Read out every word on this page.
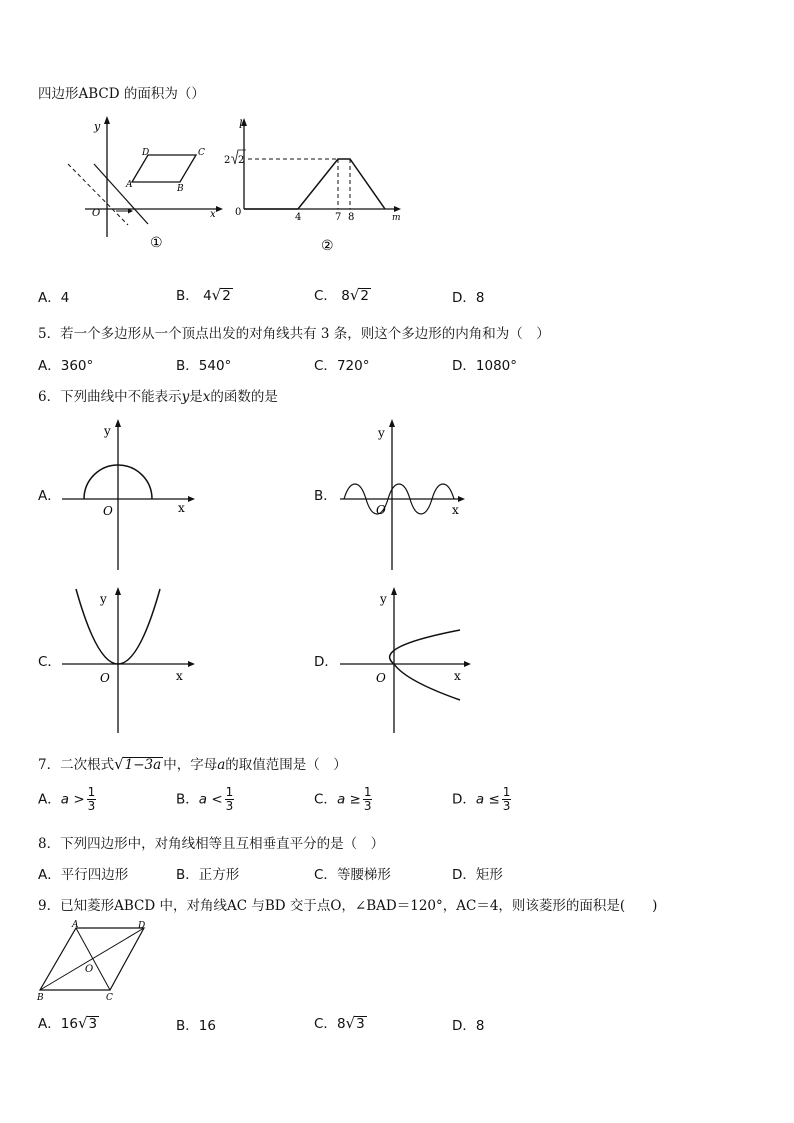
四边形ABCD 的面积为（）
y
x
O
D	C
A	B
①
l
m
0
2 2
4	7 8
②
A．4	B． 4√2	C． 8√2	D．8
5．若一个多边形从一个顶点出发的对角线共有 3 条，则这个多边形的内角和为（　）
A．360°	B．540°	C．720°	D．1080°
6．下列曲线中不能表示y是x的函数的是
A．
y
x
O
B．
y
x
O
C．
y
x
O
D．
y
x
O
7．二次根式√1−3a 中，字母a的取值范围是（　）
A．$a > \frac{1}{3}$	B．$a < \frac{1}{3}$	C．$a \ge \frac{1}{3}$	D．$a \le \frac{1}{3}$
8．下列四边形中，对角线相等且互相垂直平分的是（　）
A．平行四边形	B．正方形	C．等腰梯形	D．矩形
9．已知菱形ABCD 中，对角线AC 与BD 交于点O，∠BAD＝120°，AC＝4，则该菱形的面积是(　　)
A	D
B	C
O
A．16√3	B．16	C．8√3	D．8
